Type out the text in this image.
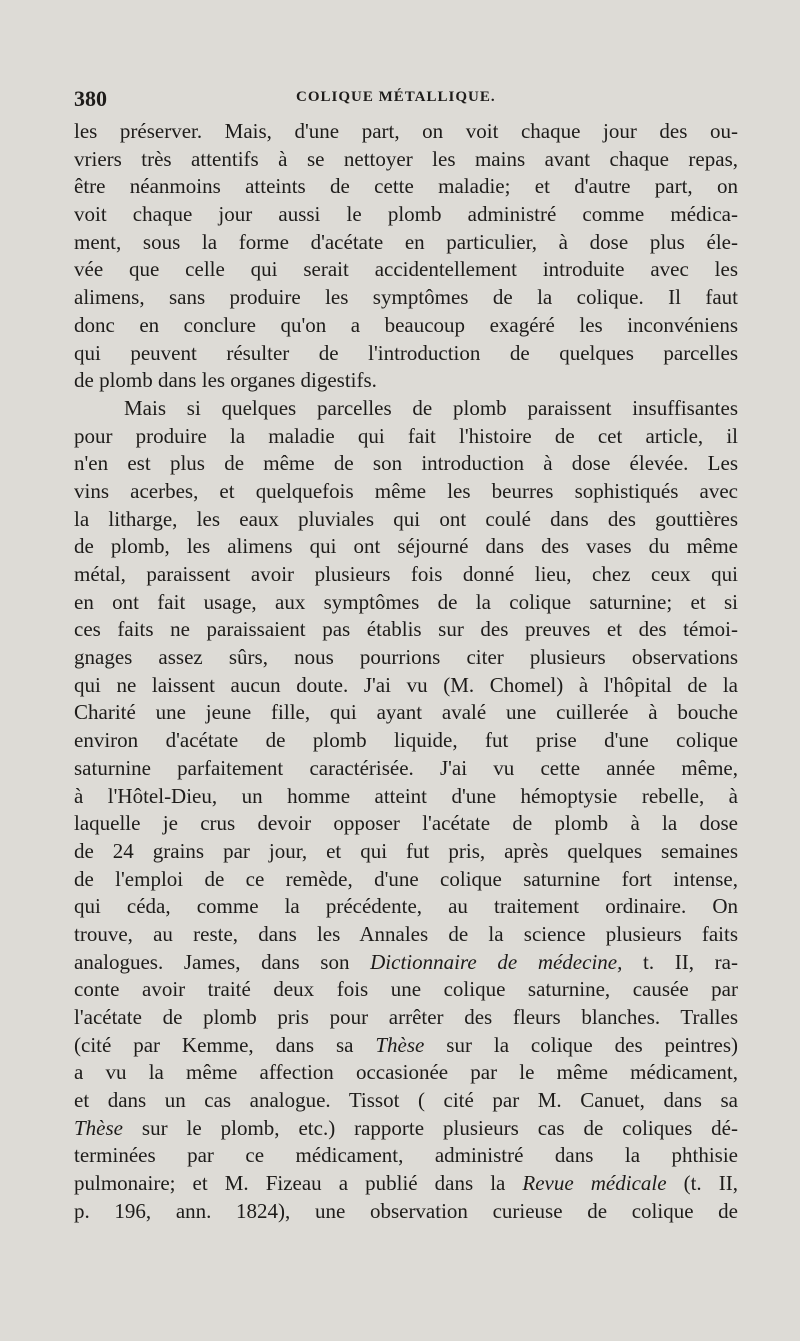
380	COLIQUE MÉTALLIQUE.
les préserver. Mais, d'une part, on voit chaque jour des ou-
vriers très attentifs à se nettoyer les mains avant chaque repas,
être néanmoins atteints de cette maladie; et d'autre part, on
voit chaque jour aussi le plomb administré comme médica-
ment, sous la forme d'acétate en particulier, à dose plus éle-
vée que celle qui serait accidentellement introduite avec les
alimens, sans produire les symptômes de la colique. Il faut
donc en conclure qu'on a beaucoup exagéré les inconvéniens
qui peuvent résulter de l'introduction de quelques parcelles
de plomb dans les organes digestifs.
Mais si quelques parcelles de plomb paraissent insuffisantes
pour produire la maladie qui fait l'histoire de cet article, il
n'en est plus de même de son introduction à dose élevée. Les
vins acerbes, et quelquefois même les beurres sophistiqués avec
la litharge, les eaux pluviales qui ont coulé dans des gouttières
de plomb, les alimens qui ont séjourné dans des vases du même
métal, paraissent avoir plusieurs fois donné lieu, chez ceux qui
en ont fait usage, aux symptômes de la colique saturnine; et si
ces faits ne paraissaient pas établis sur des preuves et des témoi-
gnages assez sûrs, nous pourrions citer plusieurs observations
qui ne laissent aucun doute. J'ai vu (M. Chomel) à l'hôpital de la
Charité une jeune fille, qui ayant avalé une cuillerée à bouche
environ d'acétate de plomb liquide, fut prise d'une colique
saturnine parfaitement caractérisée. J'ai vu cette année même,
à l'Hôtel-Dieu, un homme atteint d'une hémoptysie rebelle, à
laquelle je crus devoir opposer l'acétate de plomb à la dose
de 24 grains par jour, et qui fut pris, après quelques semaines
de l'emploi de ce remède, d'une colique saturnine fort intense,
qui céda, comme la précédente, au traitement ordinaire. On
trouve, au reste, dans les Annales de la science plusieurs faits
analogues. James, dans son Dictionnaire de médecine, t. II, ra-
conte avoir traité deux fois une colique saturnine, causée par
l'acétate de plomb pris pour arrêter des fleurs blanches. Tralles
(cité par Kemme, dans sa Thèse sur la colique des peintres)
a vu la même affection occasionée par le même médicament,
et dans un cas analogue. Tissot ( cité par M. Canuet, dans sa
Thèse sur le plomb, etc.) rapporte plusieurs cas de coliques dé-
terminées par ce médicament, administré dans la phthisie
pulmonaire; et M. Fizeau a publié dans la Revue médicale (t. II,
p. 196, ann. 1824), une observation curieuse de colique de
